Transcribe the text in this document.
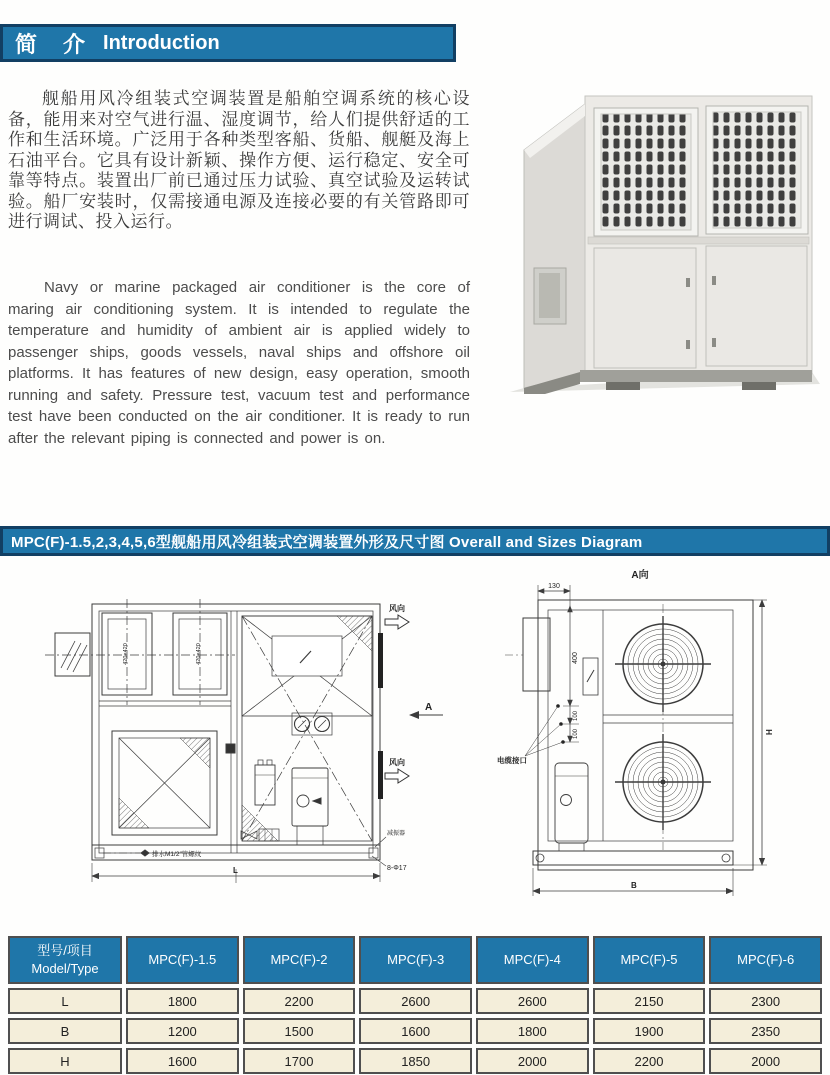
简　介 Introduction

舰船用风冷组装式空调装置是船舶空调系统的核心设备，能用来对空气进行温、湿度调节，给人们提供舒适的工作和生活环境。广泛用于各种类型客船、货船、舰艇及海上石油平台。它具有设计新颖、操作方便、运行稳定、安全可靠等特点。装置出厂前已通过压力试验、真空试验及运转试验。船厂安装时，仅需接通电源及连接必要的有关管路即可进行调试、投入运行。

Navy or marine packaged air conditioner is the core of maring air conditioning system. It is intended to regulate the temperature and humidity of ambient air is applied widely to passenger ships, goods vessels, naval ships and offshore oil platforms. It has features of new design, easy operation, smooth running and safety. Pressure test, vacuum test and performance test have been conducted on the air conditioner. It is ready to run after the relevant piping is connected and power is on.

MPC(F)-1.5,2,3,4,5,6型舰船用风冷组装式空调装置外形及尺寸图 Overall and Sizes Diagram
420×420	420×420
风向
风向
A
排水M1/2″管螺纹
减振器
8-Φ17
L
A向
130
400
100
100
电缆接口
B
H
型号/项目
Model/Type
MPC(F)-1.5	MPC(F)-2	MPC(F)-3	MPC(F)-4	MPC(F)-5	MPC(F)-6
L	1800	2200	2600	2600	2150	2300
B	1200	1500	1600	1800	1900	2350
H	1600	1700	1850	2000	2200	2000
